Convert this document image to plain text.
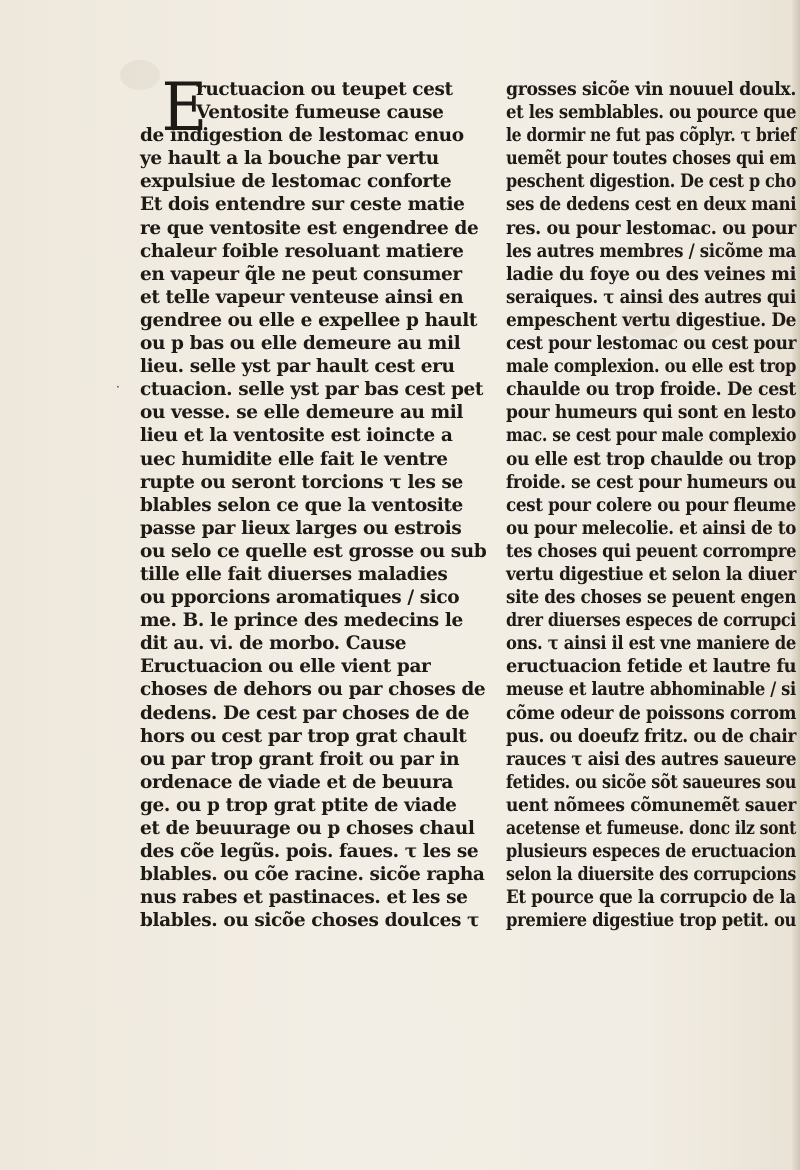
E
ructuacion ou teupet cest
Ventosite fumeuse cause
de indigestion de lestomac enuo
ye hault a la bouche par vertu
expulsiue de lestomac conforte
Et dois entendre sur ceste matie
re que ventosite est engendree de
chaleur foible resoluant matiere
en vapeur q̃le ne peut consumer
et telle vapeur venteuse ainsi en
gendree ou elle e expellee p hault
ou p bas ou elle demeure au mil
lieu. selle yst par hault cest eru
ctuacion. selle yst par bas cest pet
ou vesse. se elle demeure au mil
lieu et la ventosite est ioincte a
uec humidite elle fait le ventre
rupte ou seront torcions τ les se
blables selon ce que la ventosite
passe par lieux larges ou estrois
ou selo ce quelle est grosse ou sub
tille elle fait diuerses maladies
ou pporcions aromatiques / sico
me. B. le prince des medecins le
dit au. vi. de morbo. Cause
Eructuacion ou elle vient par
choses de dehors ou par choses de
dedens. De cest par choses de de
hors ou cest par trop grat chault
ou par trop grant froit ou par in
ordenace de viade et de beuura
ge. ou p trop grat ptite de viade
et de beuurage ou p choses chaul
des cõe legũs. pois. faues. τ les se
blables. ou cõe racine. sicõe rapha
nus rabes et pastinaces. et les se
blables. ou sicõe choses doulces τ
grosses sicõe vin nouuel doulx.
et les semblables. ou pource que
le dormir ne fut pas cõplyr. τ brief
uemẽt pour toutes choses qui em
peschent digestion. De cest p cho
ses de dedens cest en deux mani
res. ou pour lestomac. ou pour
les autres membres / sicõme ma
ladie du foye ou des veines mi
seraiques. τ ainsi des autres qui
empeschent vertu digestiue. De
cest pour lestomac ou cest pour
male complexion. ou elle est trop
chaulde ou trop froide. De cest
pour humeurs qui sont en lesto
mac. se cest pour male complexio
ou elle est trop chaulde ou trop
froide. se cest pour humeurs ou
cest pour colere ou pour fleume
ou pour melecolie. et ainsi de to
tes choses qui peuent corrompre
vertu digestiue et selon la diuer
site des choses se peuent engen
drer diuerses especes de corrupci
ons. τ ainsi il est vne maniere de
eructuacion fetide et lautre fu
meuse et lautre abhominable / si
cõme odeur de poissons corrom
pus. ou doeufz fritz. ou de chair
rauces τ aisi des autres saueure
fetides. ou sicõe sõt saueures sou
uent nõmees cõmunemẽt sauer
acetense et fumeuse. donc ilz sont
plusieurs especes de eructuacion
selon la diuersite des corrupcions
Et pource que la corrupcio de la
premiere digestiue trop petit. ou
·
